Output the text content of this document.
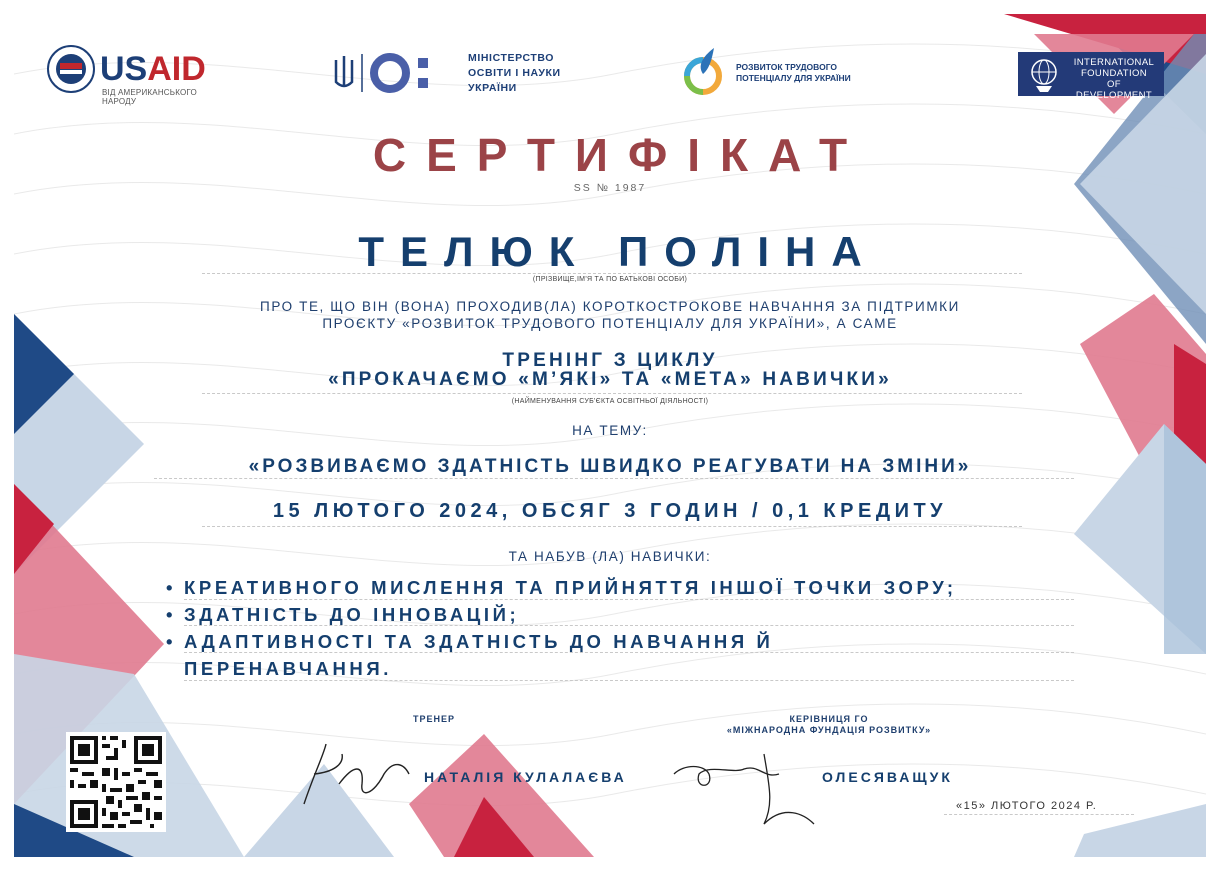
USAID
ВІД АМЕРИКАНСЬКОГО НАРОДУ
МІНІСТЕРСТВО
ОСВІТИ І НАУКИ
УКРАЇНИ
РОЗВИТОК ТРУДОВОГО
ПОТЕНЦІАЛУ ДЛЯ УКРАЇНИ
INTERNATIONAL
FOUNDATION
OF DEVELOPMENT
СЕРТИФІКАТ
SS № 1987
ТЕЛЮК ПОЛІНА
(ПРІЗВИЩЕ,ІМ'Я ТА ПО БАТЬКОВІ ОСОБИ)
ПРО ТЕ, ЩО ВІН (ВОНА) ПРОХОДИВ(ЛА) КОРОТКОСТРОКОВЕ НАВЧАННЯ ЗА ПІДТРИМКИ
ПРОЄКТУ «РОЗВИТОК ТРУДОВОГО ПОТЕНЦІАЛУ ДЛЯ УКРАЇНИ», А САМЕ
ТРЕНІНГ З ЦИКЛУ
«ПРОКАЧАЄМО «М’ЯКІ» ТА «МЕТА» НАВИЧКИ»
(НАЙМЕНУВАННЯ СУБ'ЄКТА ОСВІТНЬОЇ ДІЯЛЬНОСТІ)
НА ТЕМУ:
«РОЗВИВАЄМО ЗДАТНІСТЬ ШВИДКО РЕАГУВАТИ НА ЗМІНИ»
15 ЛЮТОГО 2024, ОБСЯГ 3 ГОДИН / 0,1 КРЕДИТУ
ТА НАБУВ (ЛА) НАВИЧКИ:
• КРЕАТИВНОГО МИСЛЕННЯ ТА ПРИЙНЯТТЯ ІНШОЇ ТОЧКИ ЗОРУ;
• ЗДАТНІСТЬ ДО ІННОВАЦІЙ;
• АДАПТИВНОСТІ ТА ЗДАТНІСТЬ ДО НАВЧАННЯ Й ПЕРЕНАВЧАННЯ.
ТРЕНЕР
НАТАЛІЯ КУЛАЛАЄВА
КЕРІВНИЦЯ ГО
«МІЖНАРОДНА ФУНДАЦІЯ РОЗВИТКУ»
ОЛЕСЯВАЩУК
«15» ЛЮТОГО 2024 Р.
